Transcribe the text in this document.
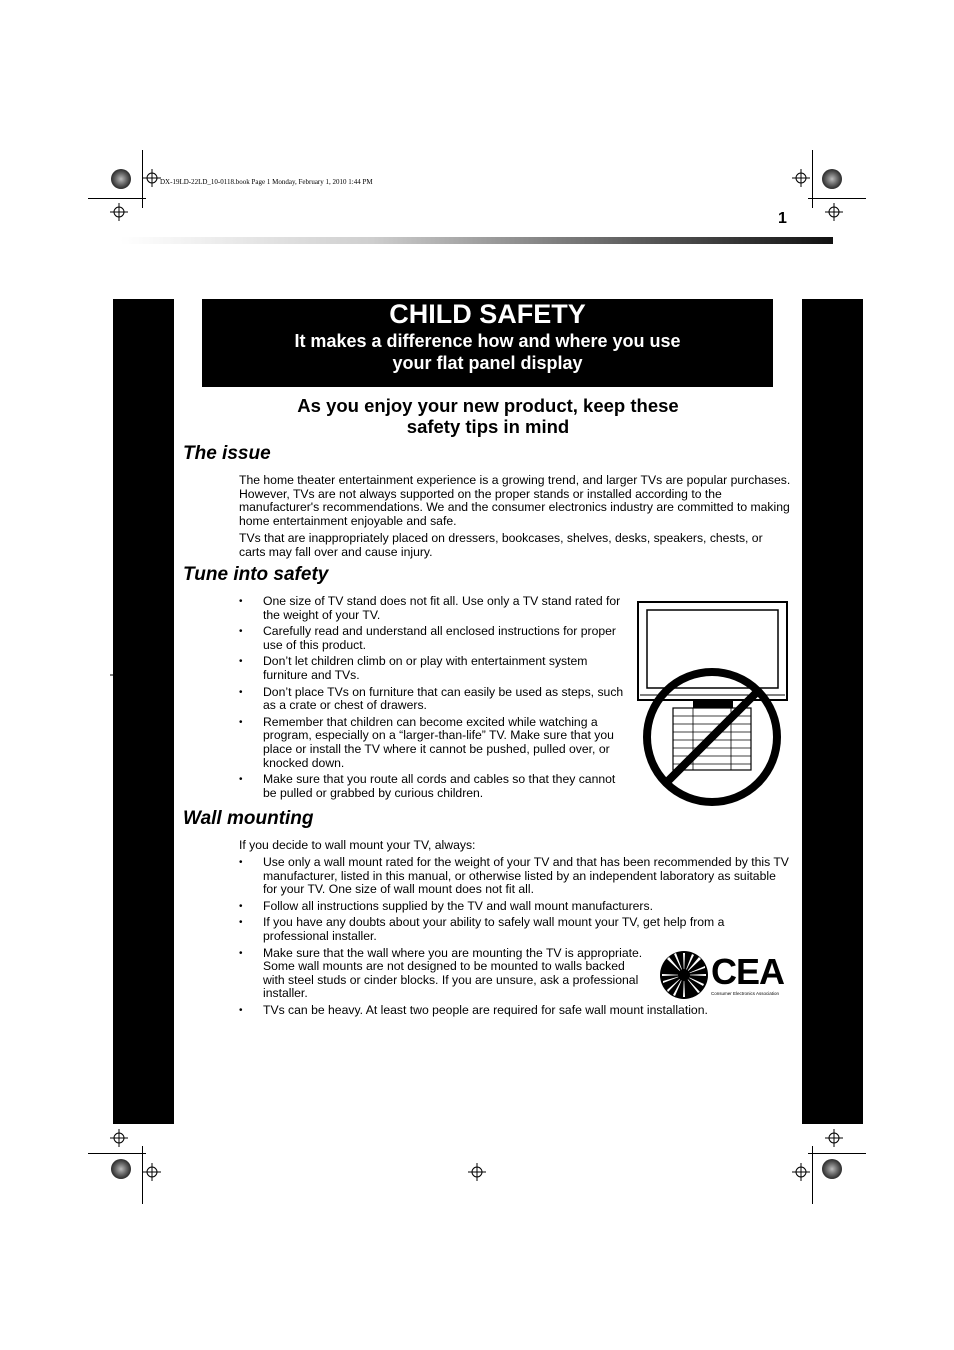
DX-19LD-22LD_10-0118.book Page 1 Monday, February 1, 2010 1:44 PM
1
CHILD SAFETY
It makes a difference how and where you use
your flat panel display
As you enjoy your new product, keep these
safety tips in mind
The issue
The home theater entertainment experience is a growing trend, and larger TVs are popular purchases. However, TVs are not always supported on the proper stands or installed according to the manufacturer's recommendations. We and the consumer electronics industry are committed to making home entertainment enjoyable and safe.
TVs that are inappropriately placed on dressers, bookcases, shelves, desks, speakers, chests, or carts may fall over and cause injury.
Tune into safety
• One size of TV stand does not fit all. Use only a TV stand rated for the weight of your TV.
• Carefully read and understand all enclosed instructions for proper use of this product.
• Don’t let children climb on or play with entertainment system furniture and TVs.
• Don’t place TVs on furniture that can easily be used as steps, such as a crate or chest of drawers.
• Remember that children can become excited while watching a program, especially on a “larger-than-life” TV. Make sure that you place or install the TV where it cannot be pushed, pulled over, or knocked down.
• Make sure that you route all cords and cables so that they cannot be pulled or grabbed by curious children.
Wall mounting
If you decide to wall mount your TV, always:
• Use only a wall mount rated for the weight of your TV and that has been recommended by this TV manufacturer, listed in this manual, or otherwise listed by an independent laboratory as suitable for your TV. One size of wall mount does not fit all.
• Follow all instructions supplied by the TV and wall mount manufacturers.
• If you have any doubts about your ability to safely wall mount your TV, get help from a professional installer.
• Make sure that the wall where you are mounting the TV is appropriate. Some wall mounts are not designed to be mounted to walls backed with steel studs or cinder blocks. If you are unsure, ask a professional installer.
• TVs can be heavy. At least two people are required for safe wall mount installation.
CEA
Consumer Electronics Association
